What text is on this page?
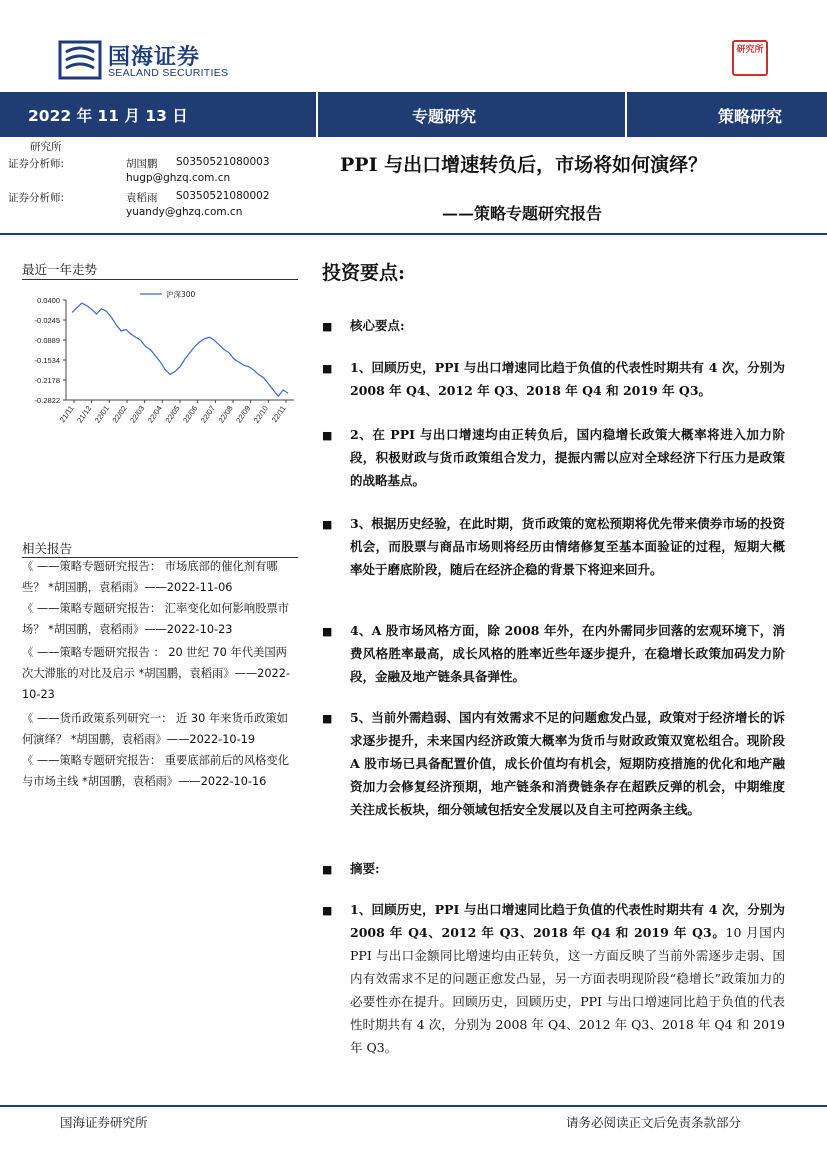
国海证券
SEALAND SECURITIES
研究所
2022 年 11 月 13 日	专题研究	策略研究
研究所
证券分析师:	胡国鹏 S0350521080003
hugp@ghzq.com.cn
证券分析师:	袁稻雨 S0350521080002
yuandy@ghzq.com.cn
PPI 与出口增速转负后，市场将如何演绎？
——策略专题研究报告
最近一年走势
0.0400
-0.0245
-0.0889
-0.1534
-0.2178
-0.2822
21/11 21/12 22/01 22/02 22/03 22/04 22/05 22/06 22/07 22/08 22/09 22/10 22/11
沪深300
相关报告
《 ——策略专题研究报告： 市场底部的催化剂有哪些？ *胡国鹏，袁稻雨》——2022-11-06
《 ——策略专题研究报告： 汇率变化如何影响股票市场？ *胡国鹏，袁稻雨》——2022-10-23
《 ——策略专题研究报告 ： 20 世纪 70 年代美国两次大滞胀的对比及启示 *胡国鹏，袁稻雨》——2022-10-23
《 ——货币政策系列研究一： 近 30 年来货币政策如何演绎？ *胡国鹏，袁稻雨》——2022-10-19
《 ——策略专题研究报告： 重要底部前后的风格变化与市场主线 *胡国鹏，袁稻雨》——2022-10-16
投资要点:
■ 核心要点:
■ 1、回顾历史，PPI 与出口增速同比趋于负值的代表性时期共有 4 次，分别为 2008 年 Q4、2012 年 Q3、2018 年 Q4 和 2019 年 Q3。
■ 2、在 PPI 与出口增速均由正转负后，国内稳增长政策大概率将进入加力阶段，积极财政与货币政策组合发力，提振内需以应对全球经济下行压力是政策的战略基点。
■ 3、根据历史经验，在此时期，货币政策的宽松预期将优先带来债券市场的投资机会，而股票与商品市场则将经历由情绪修复至基本面验证的过程，短期大概率处于磨底阶段，随后在经济企稳的背景下将迎来回升。
■ 4、A 股市场风格方面，除 2008 年外，在内外需同步回落的宏观环境下，消费风格胜率最高，成长风格的胜率近些年逐步提升，在稳增长政策加码发力阶段，金融及地产链条具备弹性。
■ 5、当前外需趋弱、国内有效需求不足的问题愈发凸显，政策对于经济增长的诉求逐步提升，未来国内经济政策大概率为货币与财政政策双宽松组合。现阶段 A 股市场已具备配置价值，成长价值均有机会，短期防疫措施的优化和地产融资加力会修复经济预期，地产链条和消费链条存在超跌反弹的机会，中期维度关注成长板块，细分领域包括安全发展以及自主可控两条主线。
■ 摘要:
■ 1、回顾历史，PPI 与出口增速同比趋于负值的代表性时期共有 4 次，分别为 2008 年 Q4、2012 年 Q3、2018 年 Q4 和 2019 年 Q3。10 月国内 PPI 与出口金额同比增速均由正转负，这一方面反映了当前外需逐步走弱、国内有效需求不足的问题正愈发凸显，另一方面表明现阶段“稳增长”政策加力的必要性亦在提升。回顾历史，回顾历史，PPI 与出口增速同比趋于负值的代表性时期共有 4 次，分别为 2008 年 Q4、2012 年 Q3、2018 年 Q4 和 2019 年 Q3。
国海证券研究所	请务必阅读正文后免责条款部分
